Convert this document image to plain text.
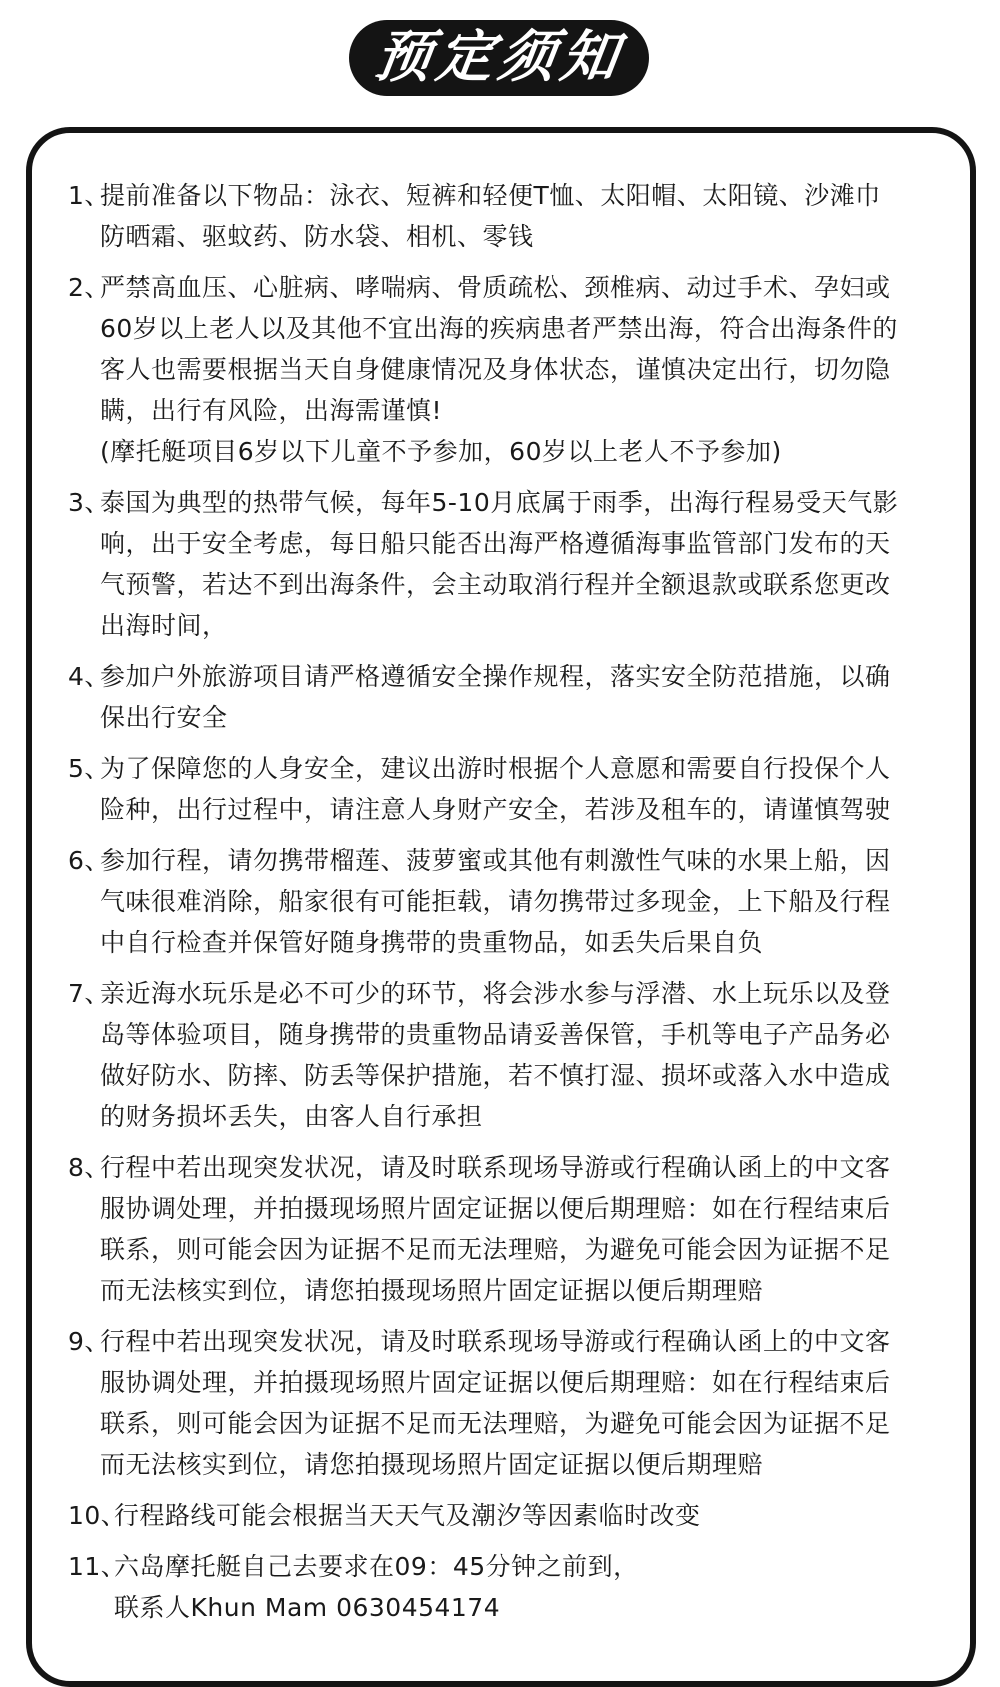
预定须知
1、
提前准备以下物品：泳衣、短裤和轻便T恤、太阳帽、太阳镜、沙滩巾
防晒霜、驱蚊药、防水袋、相机、零钱
2、
严禁高血压、心脏病、哮喘病、骨质疏松、颈椎病、动过手术、孕妇或
60岁以上老人以及其他不宜出海的疾病患者严禁出海，符合出海条件的
客人也需要根据当天自身健康情况及身体状态，谨慎决定出行，切勿隐
瞒，出行有风险，出海需谨慎!
(摩托艇项目6岁以下儿童不予参加，60岁以上老人不予参加)
3、
泰国为典型的热带气候，每年5-10月底属于雨季，出海行程易受天气影
响，出于安全考虑，每日船只能否出海严格遵循海事监管部门发布的天
气预警，若达不到出海条件，会主动取消行程并全额退款或联系您更改
出海时间，
4、
参加户外旅游项目请严格遵循安全操作规程，落实安全防范措施，以确
保出行安全
5、
为了保障您的人身安全，建议出游时根据个人意愿和需要自行投保个人
险种，出行过程中，请注意人身财产安全，若涉及租车的，请谨慎驾驶
6、
参加行程，请勿携带榴莲、菠萝蜜或其他有刺激性气味的水果上船，因
气味很难消除，船家很有可能拒载，请勿携带过多现金，上下船及行程
中自行检查并保管好随身携带的贵重物品，如丢失后果自负
7、
亲近海水玩乐是必不可少的环节，将会涉水参与浮潜、水上玩乐以及登
岛等体验项目，随身携带的贵重物品请妥善保管，手机等电子产品务必
做好防水、防摔、防丢等保护措施，若不慎打湿、损坏或落入水中造成
的财务损坏丢失，由客人自行承担
8、
行程中若出现突发状况，请及时联系现场导游或行程确认函上的中文客
服协调处理，并拍摄现场照片固定证据以便后期理赔：如在行程结束后
联系，则可能会因为证据不足而无法理赔，为避免可能会因为证据不足
而无法核实到位，请您拍摄现场照片固定证据以便后期理赔
9、
行程中若出现突发状况，请及时联系现场导游或行程确认函上的中文客
服协调处理，并拍摄现场照片固定证据以便后期理赔：如在行程结束后
联系，则可能会因为证据不足而无法理赔，为避免可能会因为证据不足
而无法核实到位，请您拍摄现场照片固定证据以便后期理赔
10、
行程路线可能会根据当天天气及潮汐等因素临时改变
11、
六岛摩托艇自己去要求在09：45分钟之前到，
联系人Khun Mam 0630454174
